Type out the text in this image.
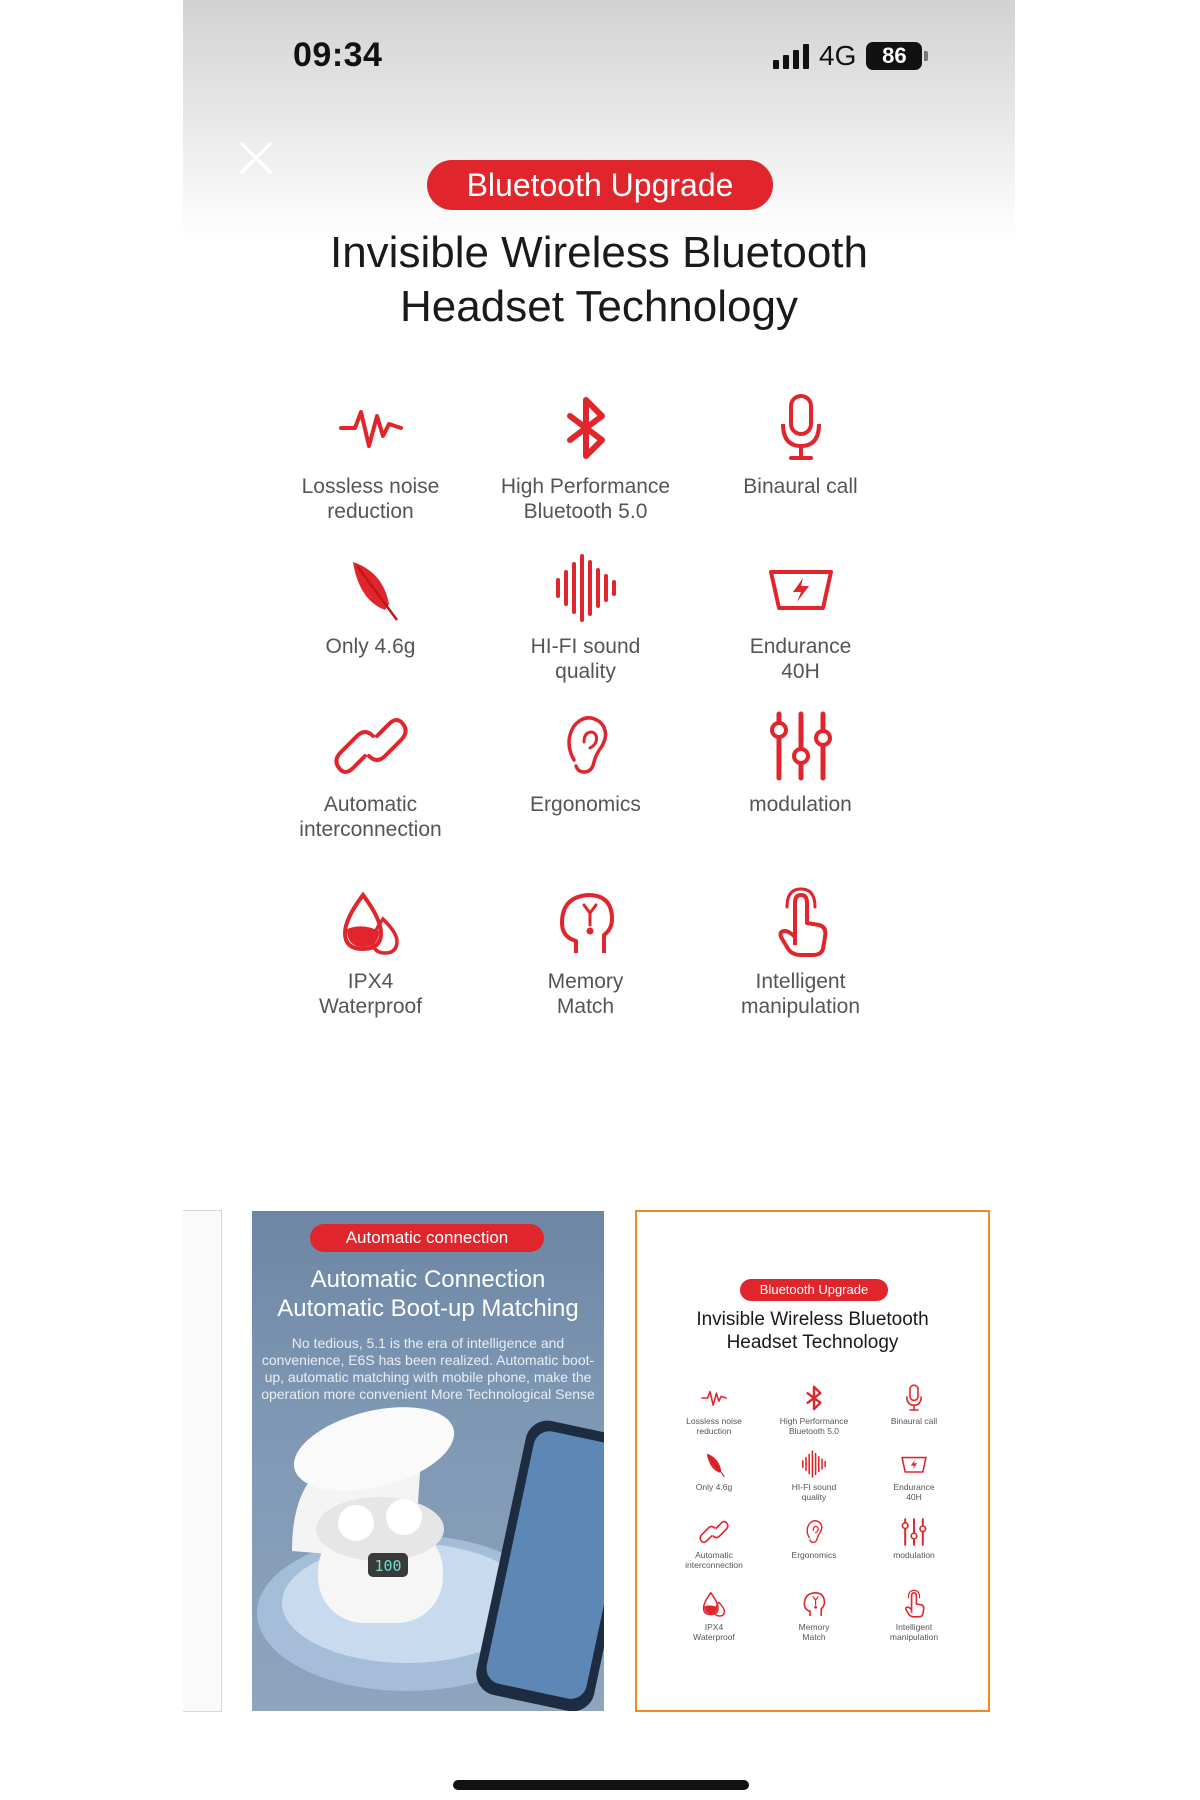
09:34	4G	86
Bluetooth Upgrade
Invisible Wireless Bluetooth
Headset Technology
Lossless noise
reduction
High Performance
Bluetooth 5.0
Binaural call
Only 4.6g	HI-FI sound
quality
Endurance
40H
Automatic
interconnection
Ergonomics	modulation
IPX4
Waterproof
Memory
Match
Intelligent
manipulation
Automatic connection
Automatic Connection
Automatic Boot-up Matching
No tedious, 5.1 is the era of intelligence and convenience, E6S has been realized. Automatic boot-up, automatic matching with mobile phone, make the operation more convenient More Technological Sense
100
Bluetooth Upgrade
Invisible Wireless Bluetooth
Headset Technology
Lossless noise
reduction
High Performance
Bluetooth 5.0
Binaural call
Only 4.6g	HI-FI sound
quality
Endurance
40H
Automatic
interconnection
Ergonomics	modulation
IPX4
Waterproof
Memory
Match
Intelligent
manipulation
